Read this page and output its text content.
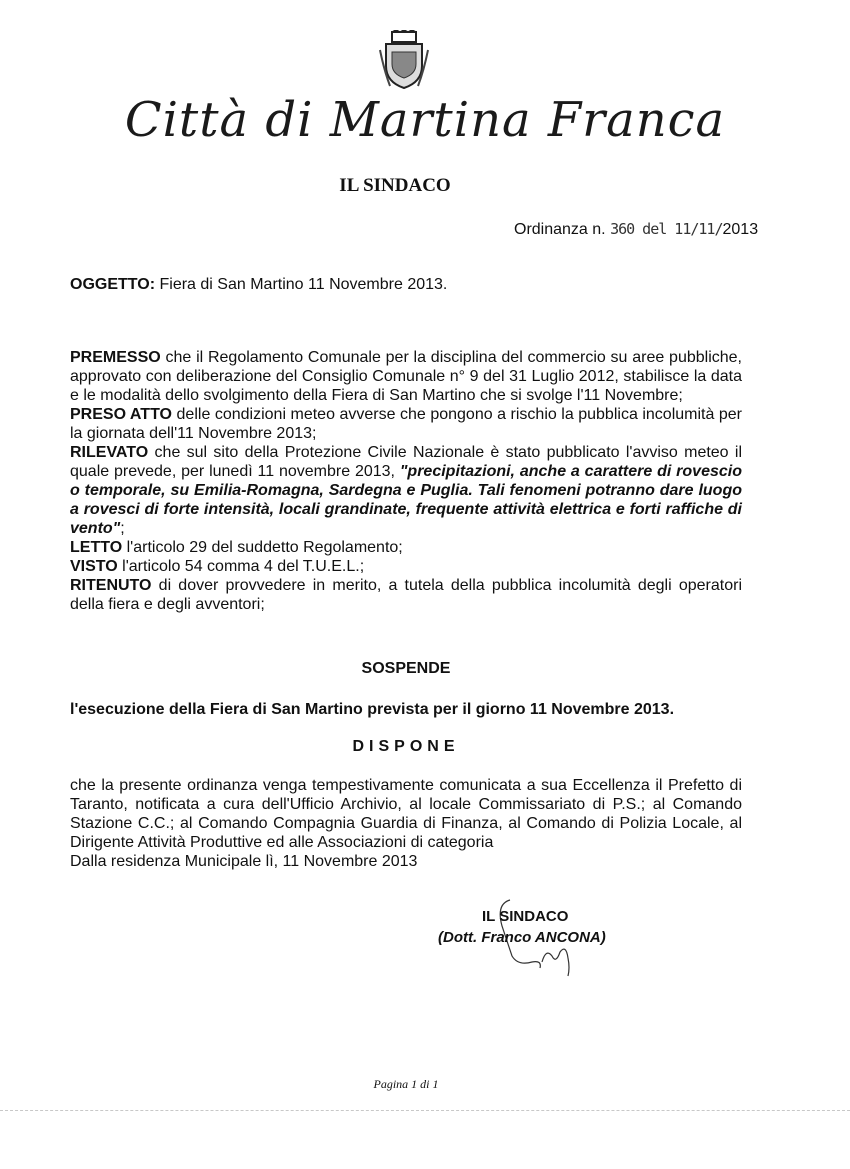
Città di Martina Franca
IL SINDACO
Ordinanza n. 360 del 11/11/2013
OGGETTO: Fiera di San Martino 11 Novembre 2013.

PREMESSO che il Regolamento Comunale per la disciplina del commercio su aree pubbliche, approvato con deliberazione del Consiglio Comunale n° 9 del 31 Luglio 2012, stabilisce la data e le modalità dello svolgimento della Fiera di San Martino che si svolge l'11 Novembre;

PRESO ATTO delle condizioni meteo avverse che pongono a rischio la pubblica incolumità per la giornata dell'11 Novembre 2013;

RILEVATO che sul sito della Protezione Civile Nazionale è stato pubblicato l'avviso meteo il quale prevede, per lunedì 11 novembre 2013, "precipitazioni, anche a carattere di rovescio o temporale, su Emilia-Romagna, Sardegna e Puglia. Tali fenomeni potranno dare luogo a rovesci di forte intensità, locali grandinate, frequente attività elettrica e forti raffiche di vento";

LETTO l'articolo 29 del suddetto Regolamento;

VISTO l'articolo 54 comma 4 del T.U.E.L.;

RITENUTO di dover provvedere in merito, a tutela della pubblica incolumità degli operatori della fiera e degli avventori;

SOSPENDE
l'esecuzione della Fiera di San Martino prevista per il giorno 11 Novembre 2013.
DISPONE

che la presente ordinanza venga tempestivamente comunicata a sua Eccellenza il Prefetto di Taranto, notificata a cura dell'Ufficio Archivio, al locale Commissariato di P.S.; al Comando Stazione C.C.; al Comando Compagnia Guardia di Finanza, al Comando di Polizia Locale, al Dirigente Attività Produttive ed alle Associazioni di categoria

Dalla residenza Municipale lì, 11 Novembre 2013

IL SINDACO
(Dott. Franco ANCONA)
Pagina 1 di 1
